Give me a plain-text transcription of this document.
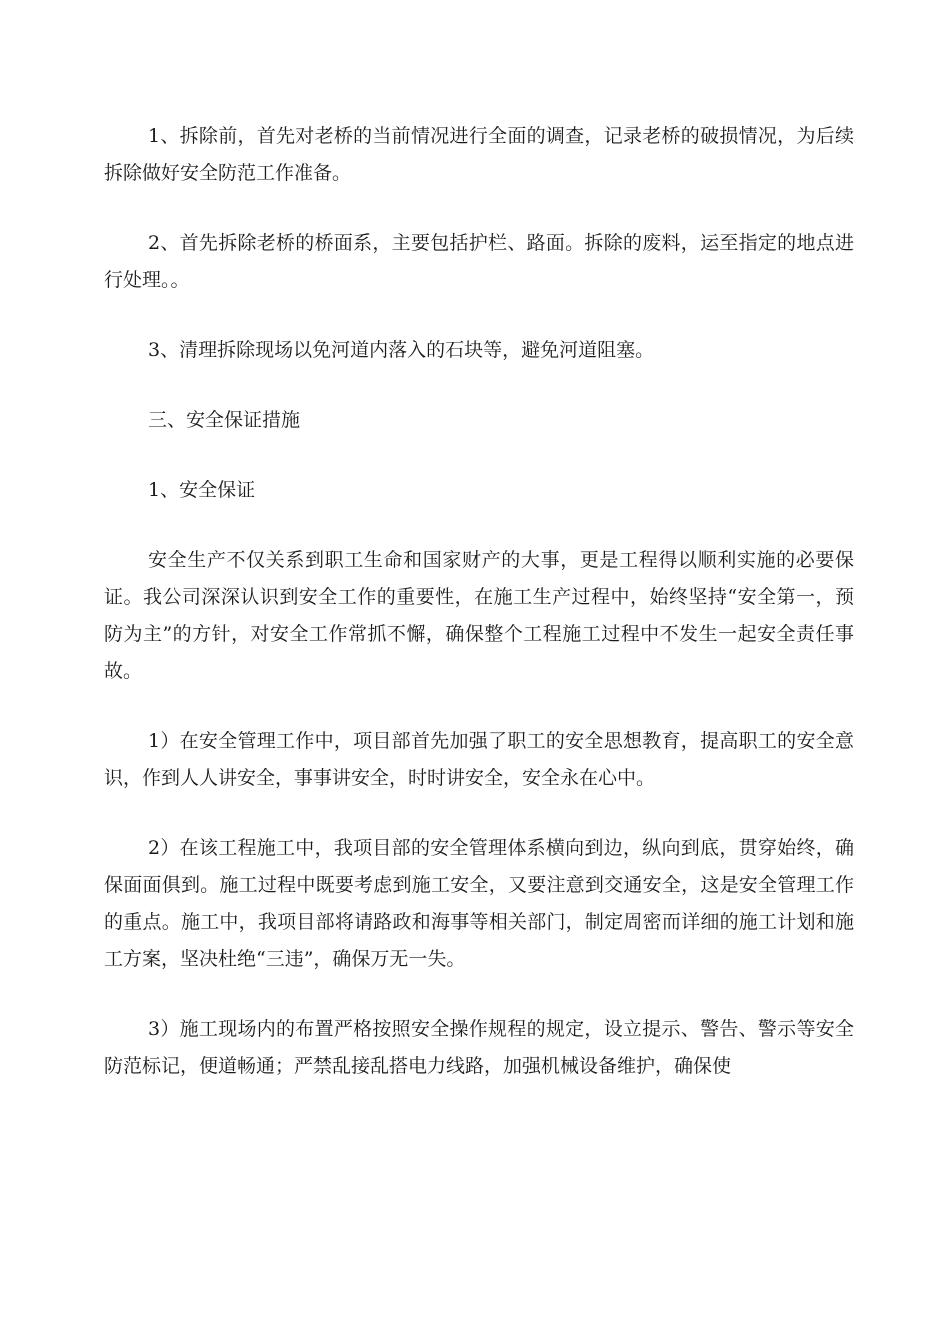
1、拆除前，首先对老桥的当前情况进行全面的调查，记录老桥的破损情况，为后续拆除做好安全防范工作准备。

2、首先拆除老桥的桥面系，主要包括护栏、路面。拆除的废料，运至指定的地点进行处理。。

3、清理拆除现场以免河道内落入的石块等，避免河道阻塞。

三、安全保证措施

1、安全保证

安全生产不仅关系到职工生命和国家财产的大事，更是工程得以顺利实施的必要保证。我公司深深认识到安全工作的重要性，在施工生产过程中，始终坚持“安全第一，预防为主”的方针，对安全工作常抓不懈，确保整个工程施工过程中不发生一起安全责任事故。

1）在安全管理工作中，项目部首先加强了职工的安全思想教育，提高职工的安全意识，作到人人讲安全，事事讲安全，时时讲安全，安全永在心中。

2）在该工程施工中，我项目部的安全管理体系横向到边，纵向到底，贯穿始终，确保面面俱到。施工过程中既要考虑到施工安全，又要注意到交通安全，这是安全管理工作的重点。施工中，我项目部将请路政和海事等相关部门，制定周密而详细的施工计划和施工方案，坚决杜绝“三违”，确保万无一失。

3）施工现场内的布置严格按照安全操作规程的规定，设立提示、警告、警示等安全防范标记，便道畅通；严禁乱接乱搭电力线路，加强机械设备维护，确保使
